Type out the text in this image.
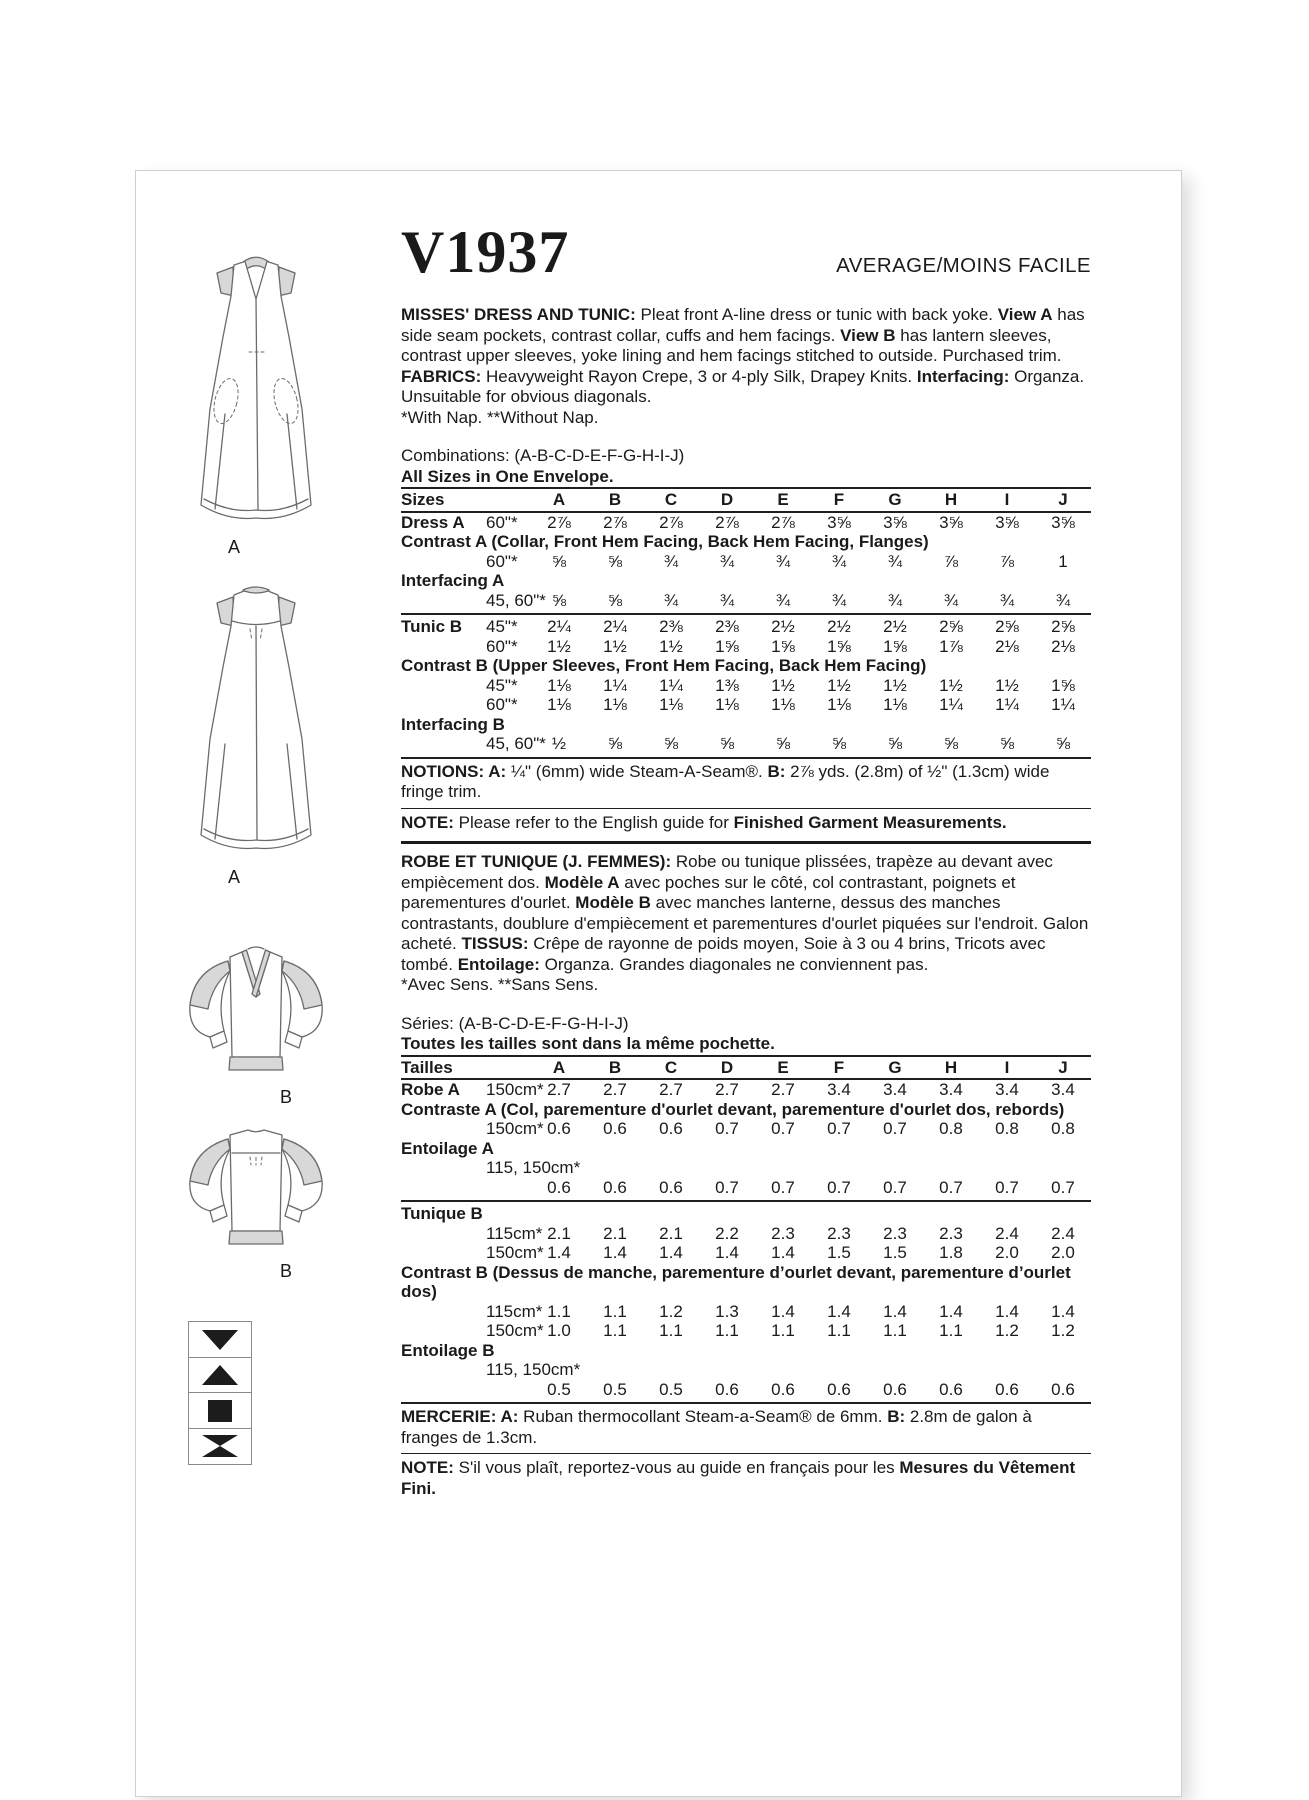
A
A
B
B
V1937	AVERAGE/MOINS FACILE

MISSES' DRESS AND TUNIC: Pleat front A-line dress or tunic with back yoke. View A has side seam pockets, contrast collar, cuffs and hem facings. View B has lantern sleeves, contrast upper sleeves, yoke lining and hem facings stitched to outside. Purchased trim. FABRICS: Heavyweight Rayon Crepe, 3 or 4-ply Silk, Drapey Knits. Interfacing: Organza. Unsuitable for obvious diagonals.

*With Nap. **Without Nap.

Combinations: (A-B-C-D-E-F-G-H-I-J)

All Sizes in One Envelope.

Sizes	A	B	C	D	E	F	G	H	I	J
Dress A 60"*	2⅞	2⅞	2⅞	2⅞	2⅞	3⅝	3⅝	3⅝	3⅝	3⅝
Contrast A (Collar, Front Hem Facing, Back Hem Facing, Flanges)
60"*	⅝	⅝	¾	¾	¾	¾	¾	⅞	⅞	1
Interfacing A
45, 60"* ⅝	⅝	¾	¾	¾	¾	¾	¾	¾	¾
Tunic B 45"*	2¼	2¼	2⅜	2⅜	2½	2½	2½	2⅝	2⅝	2⅝
60"*	1½	1½	1½	1⅝	1⅝	1⅝	1⅝	1⅞	2⅛	2⅛
Contrast B (Upper Sleeves, Front Hem Facing, Back Hem Facing)
45"*	1⅛	1¼	1¼	1⅜	1½	1½	1½	1½	1½	1⅝
60"*	1⅛	1⅛	1⅛	1⅛	1⅛	1⅛	1⅛	1¼	1¼	1¼
Interfacing B
45, 60"* ½	⅝	⅝	⅝	⅝	⅝	⅝	⅝	⅝	⅝

NOTIONS: A: ¼" (6mm) wide Steam-A-Seam®. B: 2⅞ yds. (2.8m) of ½" (1.3cm) wide fringe trim.

NOTE: Please refer to the English guide for Finished Garment Measurements.

ROBE ET TUNIQUE (J. FEMMES): Robe ou tunique plissées, trapèze au devant avec empiècement dos. Modèle A avec poches sur le côté, col contrastant, poignets et parementures d'ourlet. Modèle B avec manches lanterne, dessus des manches contrastants, doublure d'empiècement et parementures d'ourlet piquées sur l'endroit. Galon acheté. TISSUS: Crêpe de rayonne de poids moyen, Soie à 3 ou 4 brins, Tricots avec tombé. Entoilage: Organza. Grandes diagonales ne conviennent pas.

*Avec Sens. **Sans Sens.

Séries: (A-B-C-D-E-F-G-H-I-J)

Toutes les tailles sont dans la même pochette.

Tailles	A	B	C	D	E	F	G	H	I	J
Robe A 150cm* 2.7	2.7	2.7	2.7	2.7	3.4	3.4	3.4	3.4	3.4
Contraste A (Col, parementure d'ourlet devant, parementure d'ourlet dos, rebords)
150cm* 0.6	0.6	0.6	0.7	0.7	0.7	0.7	0.8	0.8	0.8
Entoilage A
115, 150cm*
0.6	0.6	0.6	0.7	0.7	0.7	0.7	0.7	0.7	0.7
Tunique B
115cm* 2.1	2.1	2.1	2.2	2.3	2.3	2.3	2.3	2.4	2.4
150cm* 1.4	1.4	1.4	1.4	1.4	1.5	1.5	1.8	2.0	2.0
Contrast B (Dessus de manche, parementure d’ourlet devant, parementure d’ourlet dos)
115cm* 1.1	1.1	1.2	1.3	1.4	1.4	1.4	1.4	1.4	1.4
150cm* 1.0	1.1	1.1	1.1	1.1	1.1	1.1	1.1	1.2	1.2
Entoilage B
115, 150cm*
0.5	0.5	0.5	0.6	0.6	0.6	0.6	0.6	0.6	0.6

MERCERIE: A: Ruban thermocollant Steam-a-Seam® de 6mm. B: 2.8m de galon à franges de 1.3cm.

NOTE: S'il vous plaît, reportez-vous au guide en français pour les Mesures du Vêtement Fini.
